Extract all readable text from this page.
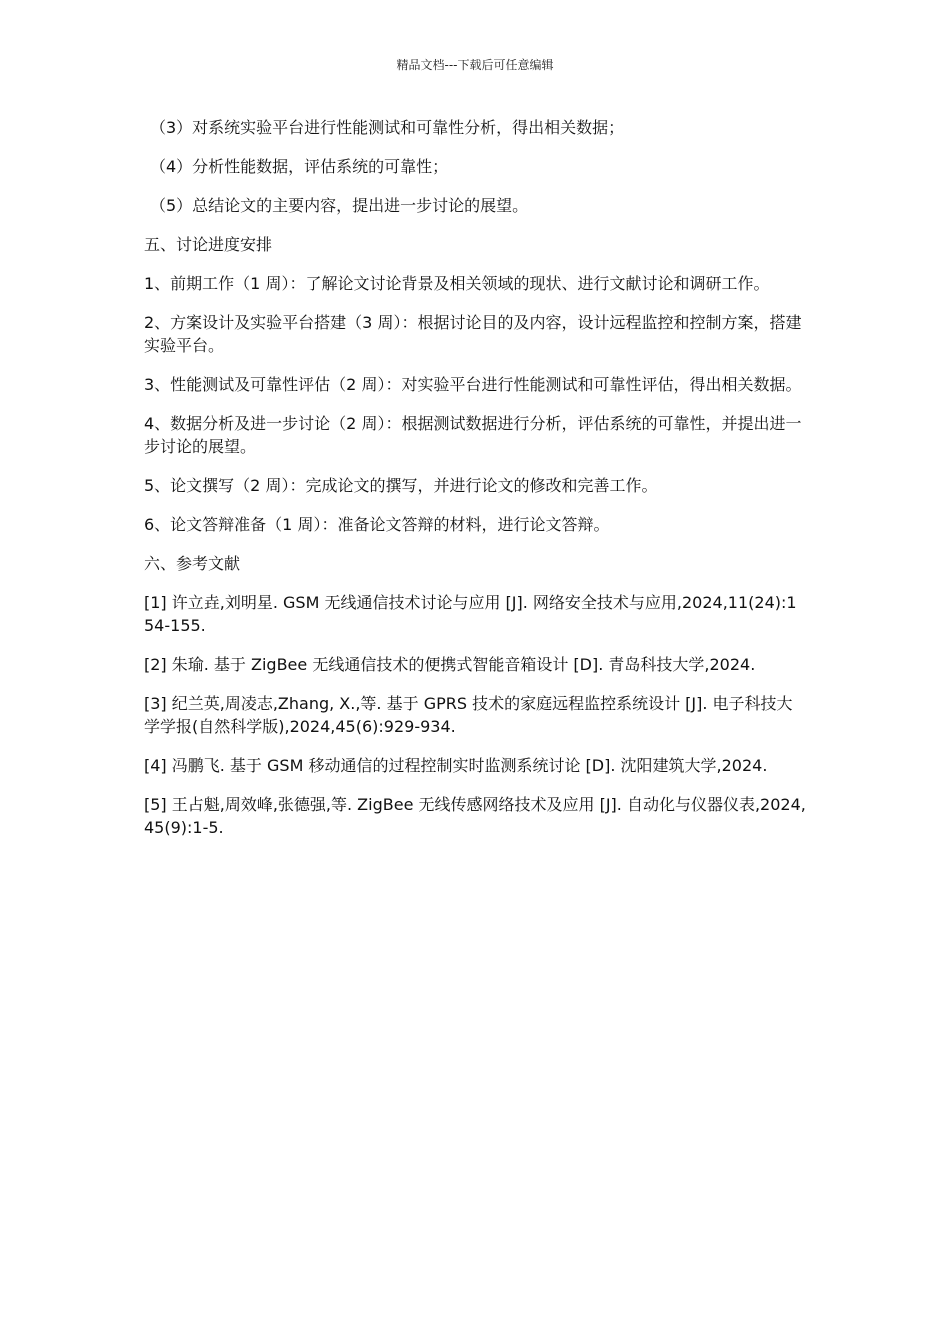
精品文档---下载后可任意编辑

（3）对系统实验平台进行性能测试和可靠性分析，得出相关数据；

（4）分析性能数据，评估系统的可靠性；

（5）总结论文的主要内容，提出进一步讨论的展望。

五、讨论进度安排

1、前期工作（1 周）：了解论文讨论背景及相关领域的现状、进行文献讨论和调研工作。

2、方案设计及实验平台搭建（3 周）：根据讨论目的及内容，设计远程监控和控制方案，搭建实验平台。

3、性能测试及可靠性评估（2 周）：对实验平台进行性能测试和可靠性评估，得出相关数据。

4、数据分析及进一步讨论（2 周）：根据测试数据进行分析，评估系统的可靠性，并提出进一步讨论的展望。

5、论文撰写（2 周）：完成论文的撰写，并进行论文的修改和完善工作。

6、论文答辩准备（1 周）：准备论文答辩的材料，进行论文答辩。

六、参考文献

[1] 许立垚,刘明星. GSM 无线通信技术讨论与应用 [J]. 网络安全技术与应用,2024,11(24):154-155.

[2] 朱瑜. 基于 ZigBee 无线通信技术的便携式智能音箱设计 [D]. 青岛科技大学,2024.

[3] 纪兰英,周凌志,Zhang, X.,等. 基于 GPRS 技术的家庭远程监控系统设计 [J]. 电子科技大学学报(自然科学版),2024,45(6):929-934.

[4] 冯鹏飞. 基于 GSM 移动通信的过程控制实时监测系统讨论 [D]. 沈阳建筑大学,2024.

[5] 王占魁,周效峰,张德强,等. ZigBee 无线传感网络技术及应用 [J]. 自动化与仪器仪表,2024,45(9):1-5.
